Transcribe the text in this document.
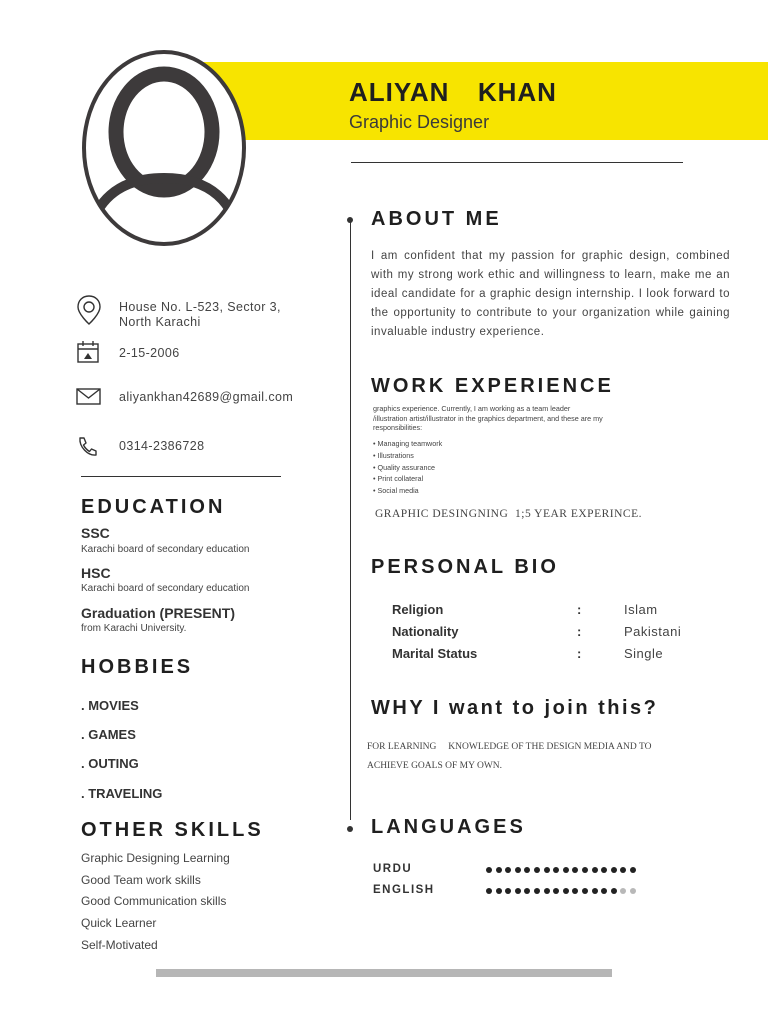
ALIYAN  KHAN
Graphic Designer
House No. L-523, Sector 3,
North Karachi
2-15-2006
aliyankhan42689@gmail.com
0314-2386728
EDUCATION
SSC
Karachi board of secondary education
HSC
Karachi board of secondary education
Graduation (PRESENT)
from Karachi University.
HOBBIES
. MOVIES
. GAMES
. OUTING
. TRAVELING
OTHER SKILLS
Graphic Designing Learning
Good Team work skills
Good Communication skills
Quick Learner
Self-Motivated
ABOUT ME

I am confident that my passion for graphic design, combined with my strong work ethic and willingness to learn, make me an ideal candidate for a graphic design internship. I look forward to the opportunity to contribute to your organization while gaining invaluable industry experience.

WORK EXPERIENCE

graphics experience. Currently, I am working as a team leader
/illustration artist/illustrator in the graphics department, and these are my
responsibilities:

• Managing teamwork
• Illustrations
• Quality assurance
• Print collateral
• Social media
GRAPHIC DESINGNING  1;5 YEAR EXPERINCE.
PERSONAL BIO
Religion	:	Islam
Nationality	:	Pakistani
Marital Status	:	Single
WHY I want to join this?

FOR LEARNING     KNOWLEDGE OF THE DESIGN MEDIA AND TO
ACHIEVE GOALS OF MY OWN.

LANGUAGES
URDU
ENGLISH
